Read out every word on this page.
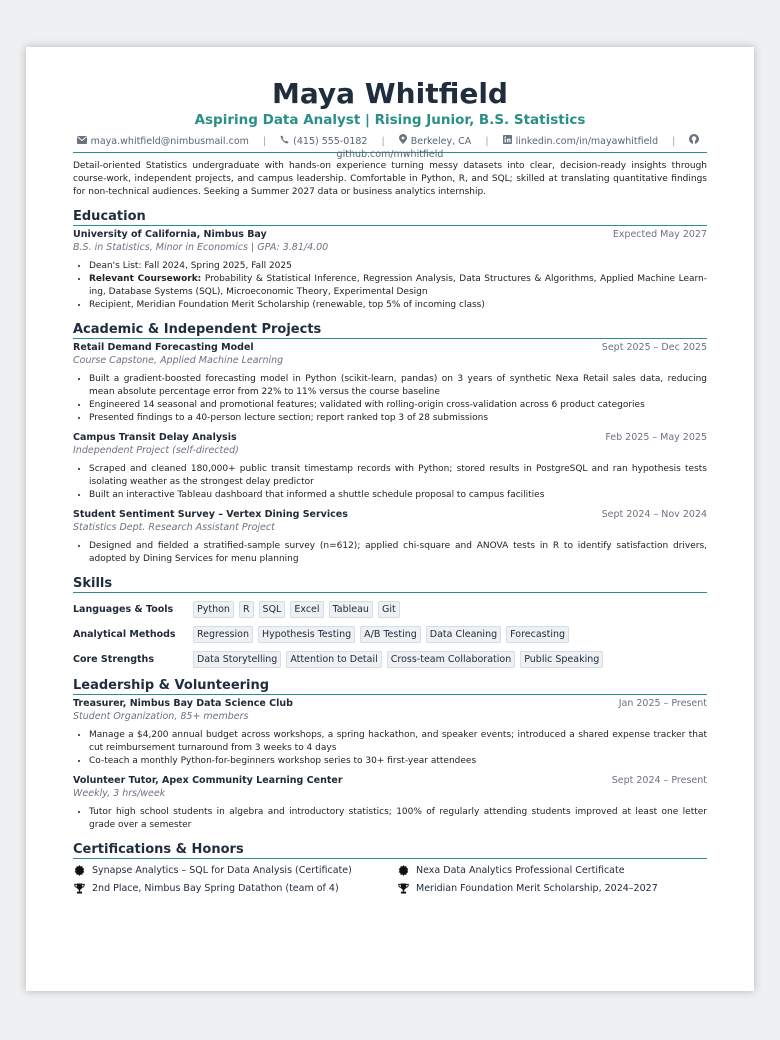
Maya Whitfield
Aspiring Data Analyst | Rising Junior, B.S. Statistics
maya.whitfield@nimbusmail.com |	(415) 555-0182 |	Berkeley, CA |	linkedin.com/in/mayawhitfield |
github.com/mwhitfield
Detail-oriented Statistics undergraduate with hands-on experience turning messy datasets into clear, decision-ready insights through course-work, independent projects, and campus leadership. Comfortable in Python, R, and SQL; skilled at translating quantitative findings for non-technical audiences. Seeking a Summer 2027 data or business analytics internship.
Education
University of California, Nimbus Bay	Expected May 2027
B.S. in Statistics, Minor in Economics | GPA: 3.81/4.00
• Dean's List: Fall 2024, Spring 2025, Fall 2025
• Relevant Coursework: Probability & Statistical Inference, Regression Analysis, Data Structures & Algorithms, Applied Machine Learn-ing, Database Systems (SQL), Microeconomic Theory, Experimental Design
• Recipient, Meridian Foundation Merit Scholarship (renewable, top 5% of incoming class)
Academic & Independent Projects
Retail Demand Forecasting Model	Sept 2025 – Dec 2025
Course Capstone, Applied Machine Learning
• Built a gradient-boosted forecasting model in Python (scikit-learn, pandas) on 3 years of synthetic Nexa Retail sales data, reducing mean absolute percentage error from 22% to 11% versus the course baseline
• Engineered 14 seasonal and promotional features; validated with rolling-origin cross-validation across 6 product categories
• Presented findings to a 40-person lecture section; report ranked top 3 of 28 submissions
Campus Transit Delay Analysis	Feb 2025 – May 2025
Independent Project (self-directed)
• Scraped and cleaned 180,000+ public transit timestamp records with Python; stored results in PostgreSQL and ran hypothesis tests isolating weather as the strongest delay predictor
• Built an interactive Tableau dashboard that informed a shuttle schedule proposal to campus facilities
Student Sentiment Survey – Vertex Dining Services	Sept 2024 – Nov 2024
Statistics Dept. Research Assistant Project
• Designed and fielded a stratified-sample survey (n=612); applied chi-square and ANOVA tests in R to identify satisfaction drivers, adopted by Dining Services for menu planning
Skills
Languages & Tools	Python	R	SQL	Excel	Tableau	Git
Analytical Methods	Regression	Hypothesis Testing	A/B Testing	Data Cleaning	Forecasting
Core Strengths	Data Storytelling	Attention to Detail	Cross-team Collaboration	Public Speaking
Leadership & Volunteering
Treasurer, Nimbus Bay Data Science Club	Jan 2025 – Present
Student Organization, 85+ members
• Manage a $4,200 annual budget across workshops, a spring hackathon, and speaker events; introduced a shared expense tracker that cut reimbursement turnaround from 3 weeks to 4 days
• Co-teach a monthly Python-for-beginners workshop series to 30+ first-year attendees
Volunteer Tutor, Apex Community Learning Center	Sept 2024 – Present
Weekly, 3 hrs/week
• Tutor high school students in algebra and introductory statistics; 100% of regularly attending students improved at least one letter grade over a semester
Certifications & Honors
Synapse Analytics – SQL for Data Analysis (Certificate)	Nexa Data Analytics Professional Certificate
2nd Place, Nimbus Bay Spring Datathon (team of 4)	Meridian Foundation Merit Scholarship, 2024–2027
